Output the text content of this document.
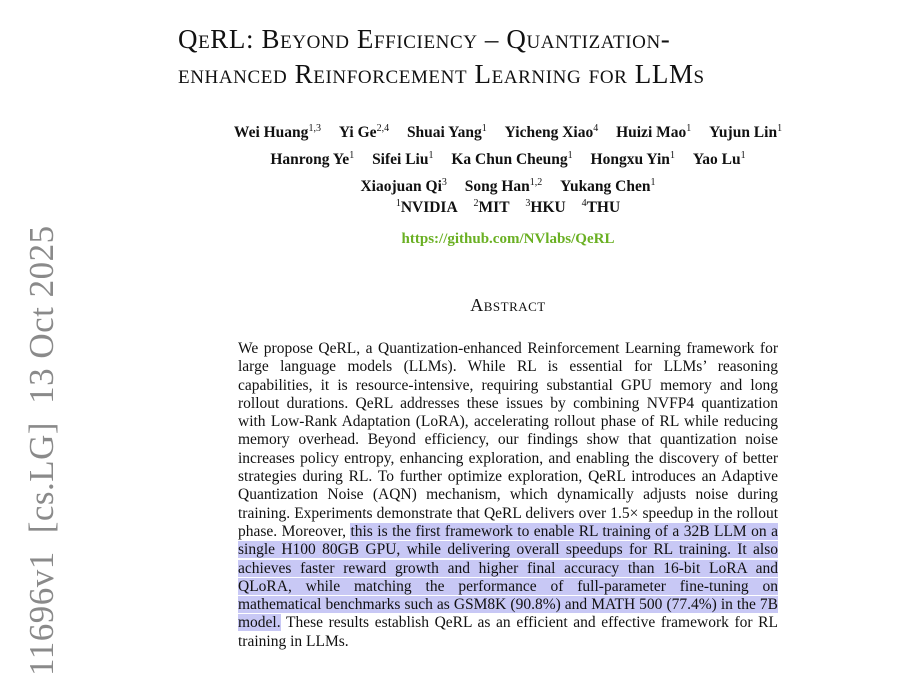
11696v1[cs.LG]13 Oct 2025
QeRL: Beyond Efficiency – Quantization-
enhanced Reinforcement Learning for LLMs
Wei Huang$^{1,3}$ Yi Ge$^{2,4}$ Shuai Yang$^1$ Yicheng Xiao$^4$ Huizi Mao$^1$ Yujun Lin$^1$
Hanrong Ye$^1$ Sifei Liu$^1$ Ka Chun Cheung$^1$ Hongxu Yin$^1$ Yao Lu$^1$
Xiaojuan Qi$^3$ Song Han$^{1,2}$ Yukang Chen$^1$
$^1$NVIDIA $^2$MIT $^3$HKU $^4$THU
https://github.com/NVlabs/QeRL
Abstract
We propose QeRL, a Quantization-enhanced Reinforcement Learning framework for large language models (LLMs). While RL is essential for LLMs’ reasoning capabilities, it is resource-intensive, requiring substantial GPU memory and long rollout durations. QeRL addresses these issues by combining NVFP4 quantization with Low-Rank Adaptation (LoRA), accelerating rollout phase of RL while reducing memory overhead. Beyond efficiency, our findings show that quantization noise increases policy entropy, enhancing exploration, and enabling the discovery of better strategies during RL. To further optimize exploration, QeRL introduces an Adaptive Quantization Noise (AQN) mechanism, which dynamically adjusts noise during training. Experiments demonstrate that QeRL delivers over 1.5× speedup in the rollout phase. Moreover, this is the first framework to enable RL training of a 32B LLM on a single H100 80GB GPU, while delivering overall speedups for RL training. It also achieves faster reward growth and higher final accuracy than 16-bit LoRA and QLoRA, while matching the performance of full-parameter fine-tuning on mathematical benchmarks such as GSM8K (90.8%) and MATH 500 (77.4%) in the 7B model. These results establish QeRL as an efficient and effective framework for RL training in LLMs.
